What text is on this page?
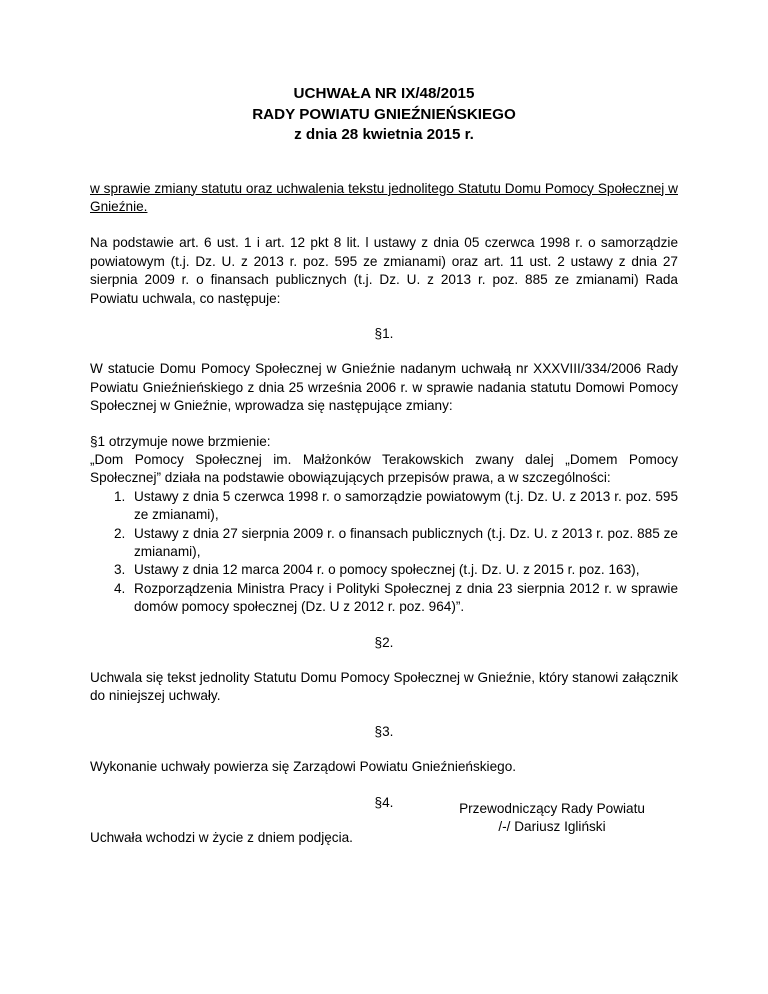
UCHWAŁA NR IX/48/2015
RADY POWIATU GNIEŹNIEŃSKIEGO
z dnia 28 kwietnia 2015 r.

w sprawie zmiany statutu oraz uchwalenia tekstu jednolitego Statutu Domu Pomocy Społecznej w Gnieźnie.

Na podstawie art. 6 ust. 1 i art. 12 pkt 8 lit. l ustawy z dnia 05 czerwca 1998 r. o samorządzie powiatowym (t.j. Dz. U. z 2013 r. poz. 595 ze zmianami) oraz art. 11 ust. 2 ustawy z dnia 27 sierpnia 2009 r. o finansach publicznych (t.j. Dz. U. z 2013 r. poz. 885 ze zmianami) Rada Powiatu uchwala, co następuje:

§1.

W statucie Domu Pomocy Społecznej w Gnieźnie nadanym uchwałą nr XXXVIII/334/2006 Rady Powiatu Gnieźnieńskiego z dnia 25 września 2006 r. w sprawie nadania statutu Domowi Pomocy Społecznej w Gnieźnie, wprowadza się następujące zmiany:

§1 otrzymuje nowe brzmienie:

„Dom Pomocy Społecznej im. Małżonków Terakowskich zwany dalej „Domem Pomocy Społecznej” działa na podstawie obowiązujących przepisów prawa, a w szczególności:

1. Ustawy z dnia 5 czerwca 1998 r. o samorządzie powiatowym (t.j. Dz. U. z 2013 r. poz. 595 ze zmianami),
2. Ustawy z dnia 27 sierpnia 2009 r. o finansach publicznych (t.j. Dz. U. z 2013 r. poz. 885 ze zmianami),
3. Ustawy z dnia 12 marca 2004 r. o pomocy społecznej (t.j. Dz. U. z 2015 r. poz. 163),
4. Rozporządzenia Ministra Pracy i Polityki Społecznej z dnia 23 sierpnia 2012 r. w sprawie domów pomocy społecznej (Dz. U z 2012 r. poz. 964)”.

§2.

Uchwala się tekst jednolity Statutu Domu Pomocy Społecznej w Gnieźnie, który stanowi załącznik do niniejszej uchwały.

§3.

Wykonanie uchwały powierza się Zarządowi Powiatu Gnieźnieńskiego.

§4.

Uchwała wchodzi w życie z dniem podjęcia.

Przewodniczący Rady Powiatu
/-/ Dariusz Igliński
